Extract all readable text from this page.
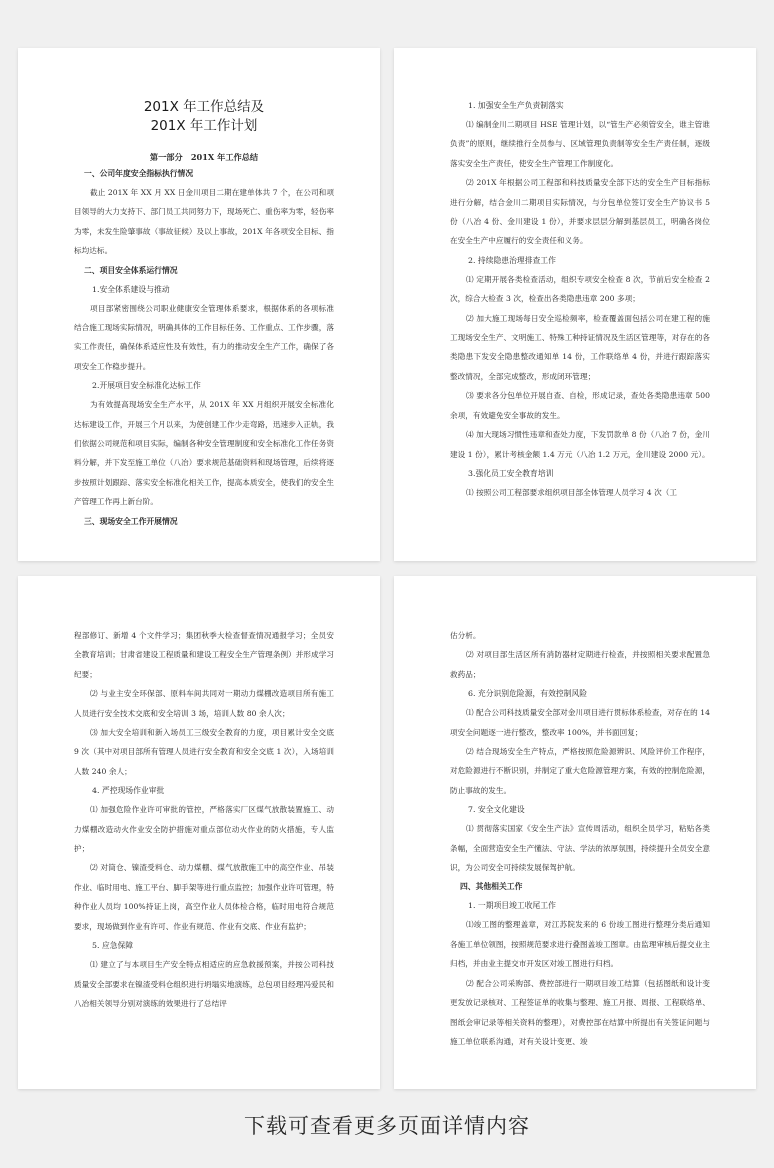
201X 年工作总结及
201X 年工作计划
第一部分　201X 年工作总结
一、公司年度安全指标执行情况
截止 201X 年 XX 月 XX 日金川项目二期在建单体共 7 个，在公司和项目领导的大力支持下、部门员工共同努力下，现场死亡、重伤率为零，轻伤率为零，未发生险肇事故（事故征候）及以上事故，201X 年各项安全目标、指标均达标。
二、项目安全体系运行情况
1.安全体系建设与推动
项目部紧密围绕公司职业健康安全管理体系要求，根据体系的各项标准结合施工现场实际情况，明确具体的工作目标任务、工作重点、工作步骤，落实工作责任，确保体系适应性及有效性，有力的推动安全生产工作，确保了各项安全工作稳步提升。
2.开展项目安全标准化达标工作
为有效提高现场安全生产水平，从 201X 年 XX 月组织开展安全标准化达标建设工作，开展三个月以来，为使创建工作少走弯路，迅速步入正轨，我们依据公司规范和项目实际，编制各种安全管理制度和安全标准化工作任务资料分解，并下发至施工单位（八冶）要求规范基础资料和现场管理，后续将逐步按照计划跟踪、落实安全标准化相关工作，提高本质安全，使我们的安全生产管理工作再上新台阶。
三、现场安全工作开展情况
1. 加强安全生产负责制落实
⑴ 编制金川二期项目 HSE 管理计划，以“管生产必须管安全，谁主管谁负责”的原则，继续推行全员参与、区域管理负责制等安全生产责任制，逐级落实安全生产责任，使安全生产管理工作制度化。
⑵ 201X 年根据公司工程部和科技质量安全部下达的安全生产目标指标进行分解，结合金川二期项目实际情况，与分包单位签订安全生产协议书 5 份（八冶 4 份、金川建设 1 份），并要求层层分解到基层员工，明确各岗位在安全生产中应履行的安全责任和义务。
2. 持续隐患治理排查工作
⑴ 定期开展各类检查活动，组织专项安全检查 8 次，节前后安全检查 2 次，综合大检查 3 次，检查出各类隐患违章 200 多项；
⑵ 加大施工现场每日安全巡检频率，检查覆盖面包括公司在建工程的施工现场安全生产、文明施工、特殊工种持证情况及生活区管理等，对存在的各类隐患下发安全隐患整改通知单 14 份，工作联络单 4 份，并进行跟踪落实整改情况，全部完成整改，形成闭环管理；
⑶ 要求各分包单位开展自查、自检，形成记录，查处各类隐患违章 500 余项，有效避免安全事故的发生。
⑷ 加大现场习惯性违章和查处力度，下发罚款单 8 份（八冶 7 份，金川建设 1 份），累计考核金额 1.4 万元（八冶 1.2 万元，金川建设 2000 元）。
3.强化员工安全教育培训
⑴ 按照公司工程部要求组织项目部全体管理人员学习 4 次（工
程部修订、新增 4 个文件学习；集团秋季大检查督查情况通报学习；全员安全教育培训；甘肃省建设工程质量和建设工程安全生产管理条例）并形成学习纪要；
⑵ 与业主安全环保部、原料车间共同对一期动力煤棚改造项目所有施工人员进行安全技术交底和安全培训 3 场，培训人数 80 余人次；
⑶ 加大安全培训和新入场员工三级安全教育的力度，项目累计安全交底 9 次（其中对项目部所有管理人员进行安全教育和安全交底 1 次），入场培训人数 240 余人；
4. 严控现场作业审批
⑴ 加强危险作业许可审批的管控，严格落实厂区煤气放散装置施工、动力煤棚改造动火作业安全防护措施对重点部位动火作业的防火措施，专人监护；
⑵ 对筒仓、镍渣受料仓、动力煤棚、煤气放散施工中的高空作业、吊装作业、临时用电、施工平台、脚手架等进行重点监控；加强作业许可管理，特种作业人员均 100%持证上岗，高空作业人员体检合格，临时用电符合规范要求，现场做到作业有许可、作业有规范、作业有交底、作业有监护；
5. 应急保障
⑴ 建立了与本项目生产安全特点相适应的应急救援预案，并按公司科技质量安全部要求在镍渣受料仓组织进行坍塌实地演练，总包项目经理冯爱民和八冶相关领导分别对演练的效果进行了总结评
估分析。
⑵ 对项目部生活区所有消防器材定期进行检查，并按照相关要求配置急救药品；
6. 充分识别危险源，有效控制风险
⑴ 配合公司科技质量安全部对金川项目进行贯标体系检查，对存在的 14 项安全问题逐一进行整改，整改率 100%，并书面回复；
⑵ 结合现场安全生产特点，严格按照危险源辨识、风险评价工作程序，对危险源进行不断识别，并制定了重大危险源管理方案，有效的控制危险源，防止事故的发生。
7. 安全文化建设
⑴ 贯彻落实国家《安全生产法》宣传周活动，组织全员学习，粘贴各类条幅，全面营造安全生产懂法、守法、学法的浓厚氛围，持续提升全员安全意识，为公司安全可持续发展保驾护航。
四、其他相关工作
1. 一期项目竣工收尾工作
⑴竣工图的整理盖章，对江苏院发来的 6 份竣工图进行整理分类后通知各施工单位领图，按照规范要求进行叠图盖竣工图章。由监理审核后提交业主归档，并由业主提交市开发区对竣工图进行归档。
⑵ 配合公司采购部、费控部进行一期项目竣工结算（包括图纸和设计变更发放记录核对、工程签证单的收集与整理、施工月报、周报、工程联络单、图纸会审记录等相关资料的整理），对费控部在结算中所提出有关签证问题与施工单位联系沟通，对有关设计变更、竣
下载可查看更多页面详情内容
